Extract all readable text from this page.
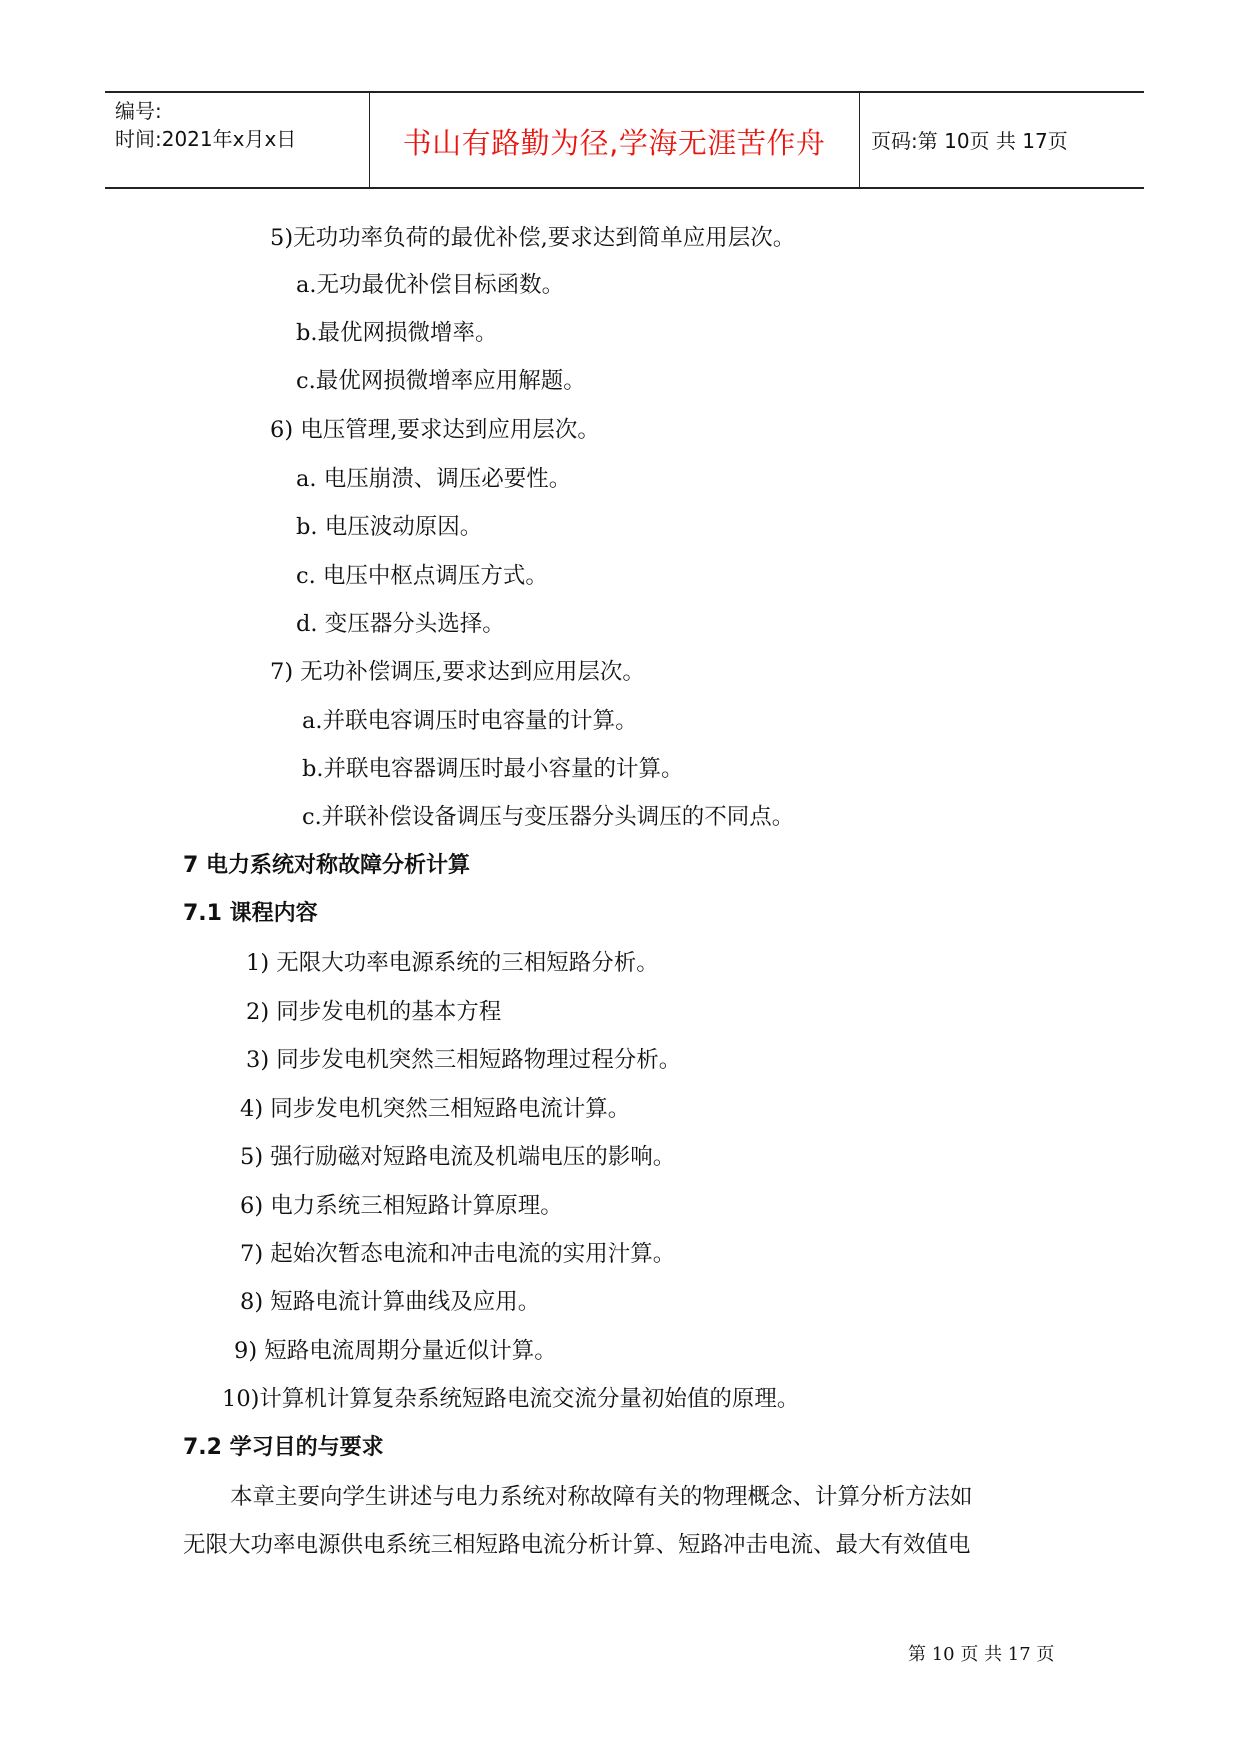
编号:
时间:2021年x月x日	书山有路勤为径,学海无涯苦作舟	页码:第 10页 共 17页
5)无功功率负荷的最优补偿,要求达到简单应用层次。
a.无功最优补偿目标函数。
b.最优网损微增率。
c.最优网损微增率应用解题。
6) 电压管理,要求达到应用层次。
a. 电压崩溃、调压必要性。
b. 电压波动原因。
c. 电压中枢点调压方式。
d. 变压器分头选择。
7) 无功补偿调压,要求达到应用层次。
a.并联电容调压时电容量的计算。
b.并联电容器调压时最小容量的计算。
c.并联补偿设备调压与变压器分头调压的不同点。
7 电力系统对称故障分析计算
7.1 课程内容
1) 无限大功率电源系统的三相短路分析。
2) 同步发电机的基本方程
3) 同步发电机突然三相短路物理过程分析。
4) 同步发电机突然三相短路电流计算。
5) 强行励磁对短路电流及机端电压的影响。
6) 电力系统三相短路计算原理。
7) 起始次暂态电流和冲击电流的实用汁算。
8) 短路电流计算曲线及应用。
9) 短路电流周期分量近似计算。
10)计算机计算复杂系统短路电流交流分量初始值的原理。
7.2 学习目的与要求
本章主要向学生讲述与电力系统对称故障有关的物理概念、计算分析方法如
无限大功率电源供电系统三相短路电流分析计算、短路冲击电流、最大有效值电
第 10 页 共 17 页
